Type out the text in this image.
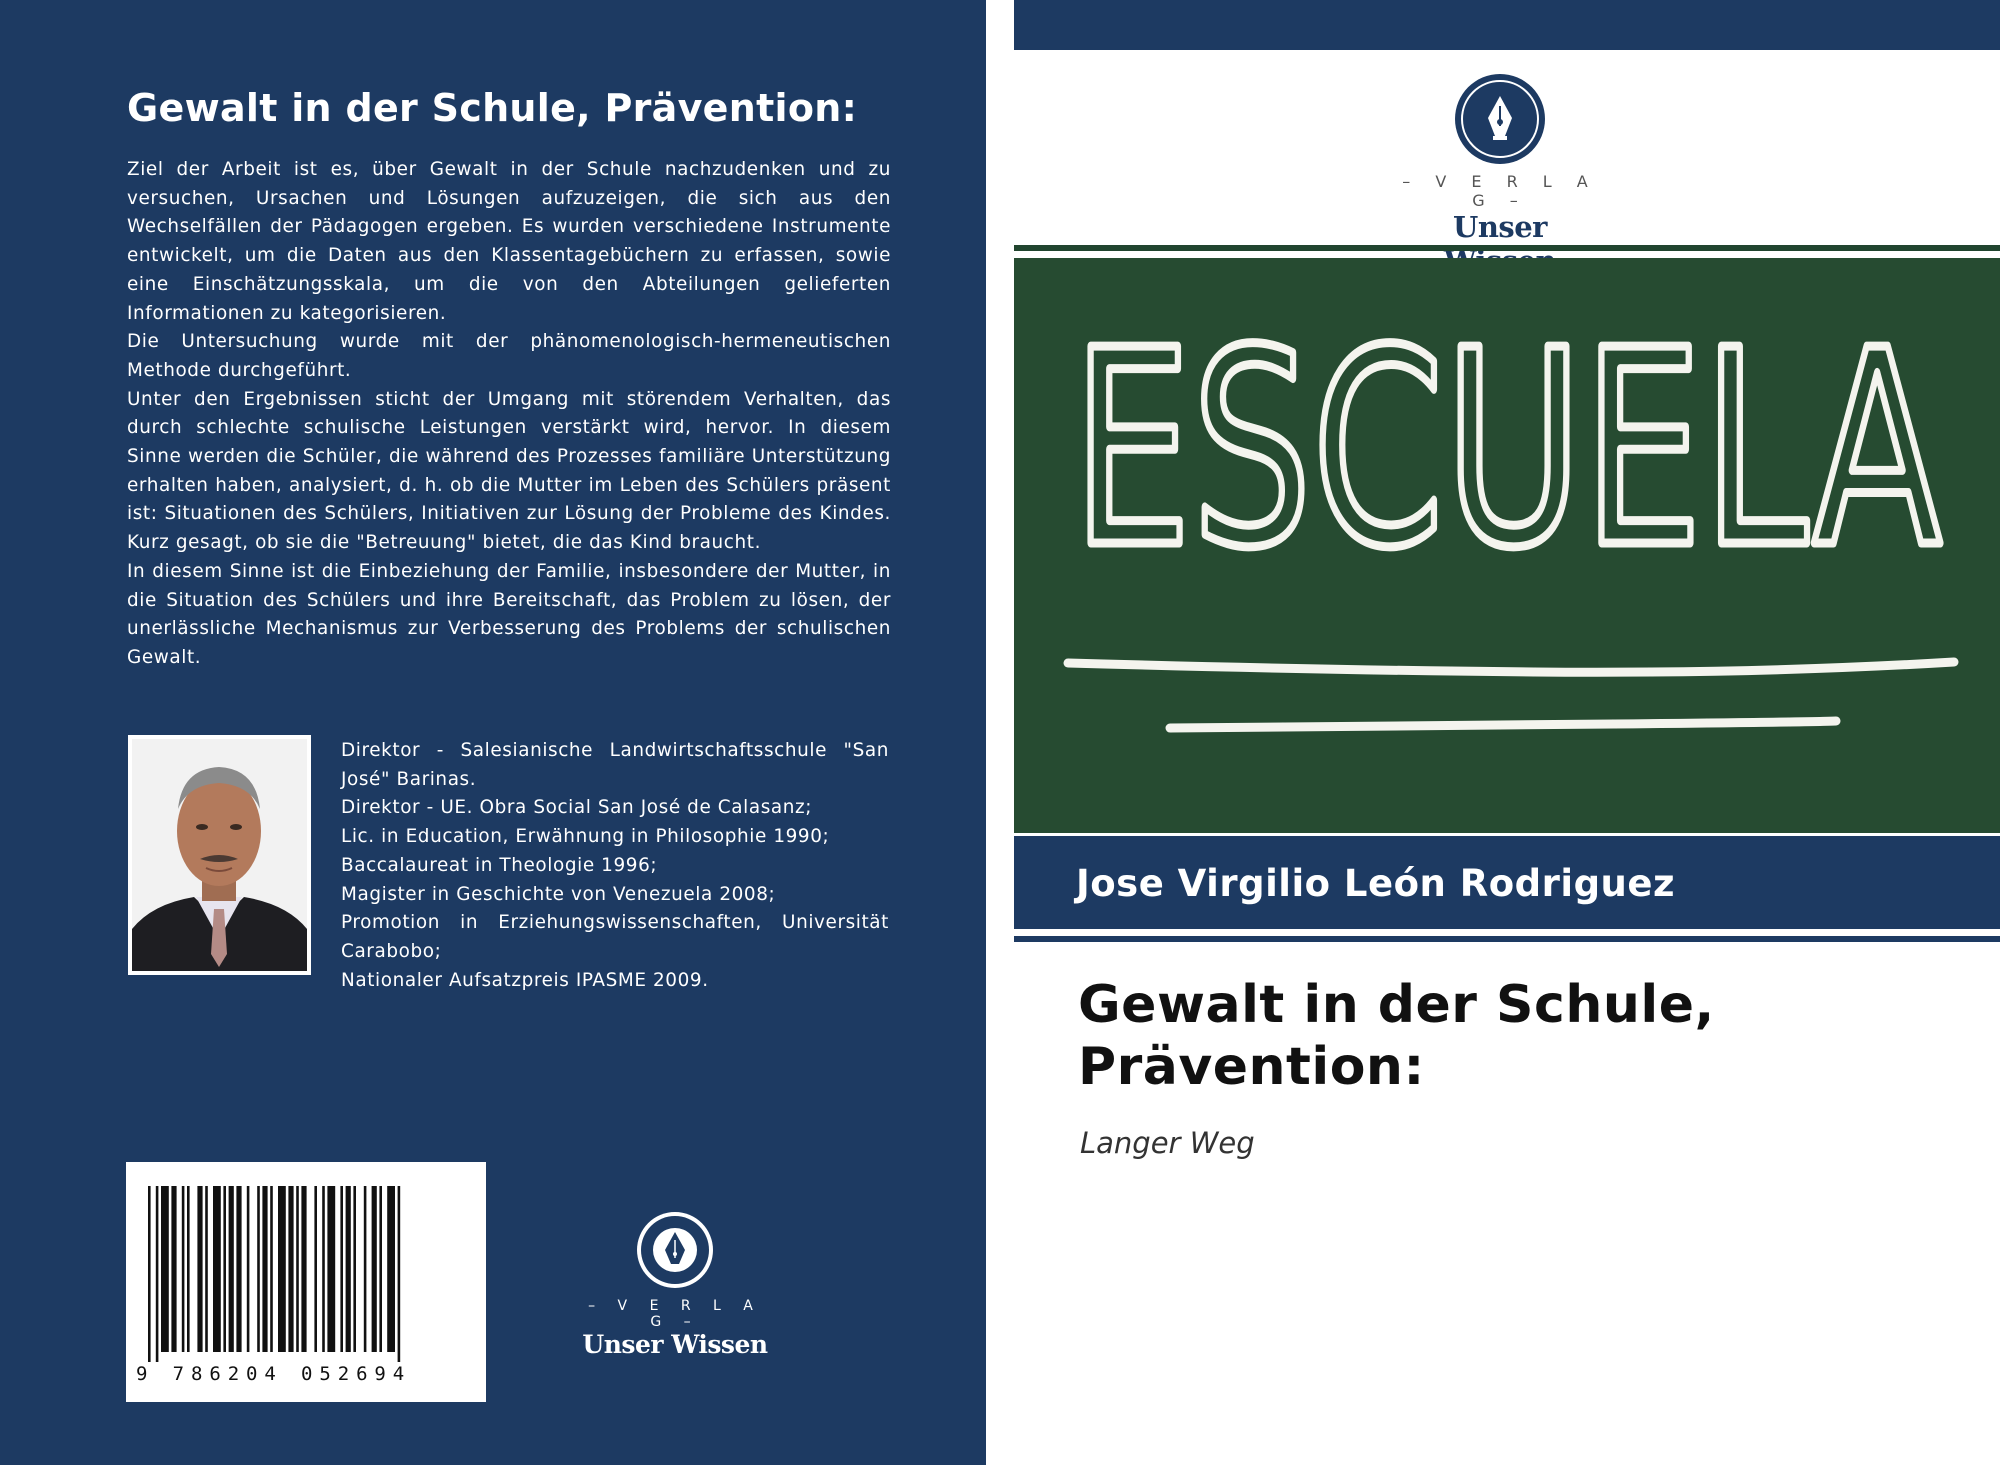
Gewalt in der Schule, Prävention:

Ziel der Arbeit ist es, über Gewalt in der Schule nachzudenken und zu versuchen, Ursachen und Lösungen aufzuzeigen, die sich aus den Wechselfällen der Pädagogen ergeben. Es wurden verschiedene Instrumente entwickelt, um die Daten aus den Klassentagebüchern zu erfassen, sowie eine Einschätzungsskala, um die von den Abteilungen gelieferten Informationen zu kategorisieren.

Die Untersuchung wurde mit der phänomenologisch-hermeneutischen Methode durchgeführt.

Unter den Ergebnissen sticht der Umgang mit störendem Verhalten, das durch schlechte schulische Leistungen verstärkt wird, hervor. In diesem Sinne werden die Schüler, die während des Prozesses familiäre Unterstützung erhalten haben, analysiert, d. h. ob die Mutter im Leben des Schülers präsent ist: Situationen des Schülers, Initiativen zur Lösung der Probleme des Kindes. Kurz gesagt, ob sie die "Betreuung" bietet, die das Kind braucht.

In diesem Sinne ist die Einbeziehung der Familie, insbesondere der Mutter, in die Situation des Schülers und ihre Bereitschaft, das Problem zu lösen, der unerlässliche Mechanismus zur Verbesserung des Problems der schulischen Gewalt.

Direktor - Salesianische Landwirtschaftsschule "San José" Barinas.

Direktor - UE. Obra Social San José de Calasanz;

Lic. in Education, Erwähnung in Philosophie 1990;

Baccalaureat in Theologie 1996;

Magister in Geschichte von Venezuela 2008;

Promotion in Erziehungswissenschaften, Universität Carabobo;

Nationaler Aufsatzpreis IPASME 2009.

9 786204 052694
– V E R L A G –
Unser Wissen
– V E R L A G –
Unser
ESCUELA
Jose Virgilio León Rodriguez
Gewalt in der Schule, Prävention:
Langer Weg
